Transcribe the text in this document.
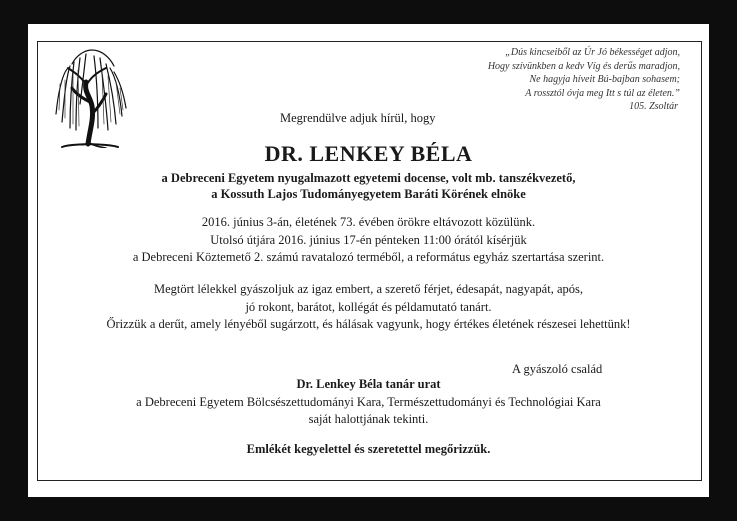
„Dús kincseiből az Úr Jó békességet adjon,
Hogy szívünkben a kedv Víg és derűs maradjon,
Ne hagyja híveit Bú-bajban sohasem;
A rossztól óvja meg Itt s túl az életen.”
105. Zsoltár
Megrendülve adjuk hírül, hogy
DR. LENKEY BÉLA
a Debreceni Egyetem nyugalmazott egyetemi docense, volt mb. tanszékvezető,
a Kossuth Lajos Tudományegyetem Baráti Körének elnöke
2016. június 3-án, életének 73. évében örökre eltávozott közülünk.
Utolsó útjára 2016. június 17-én pénteken 11:00 órától kísérjük
a Debreceni Köztemető 2. számú ravatalozó terméből, a református egyház szertartása szerint.
Megtört lélekkel gyászoljuk az igaz embert, a szerető férjet, édesapát, nagyapát, após,
jó rokont, barátot, kollégát és példamutató tanárt.
Őrizzük a derűt, amely lényéből sugárzott, és hálásak vagyunk, hogy értékes életének részesei lehettünk!
A gyászoló család
Dr. Lenkey Béla tanár urat
a Debreceni Egyetem Bölcsészettudományi Kara, Természettudományi és Technológiai Kara
saját halottjának tekinti.
Emlékét kegyelettel és szeretettel megőrizzük.
